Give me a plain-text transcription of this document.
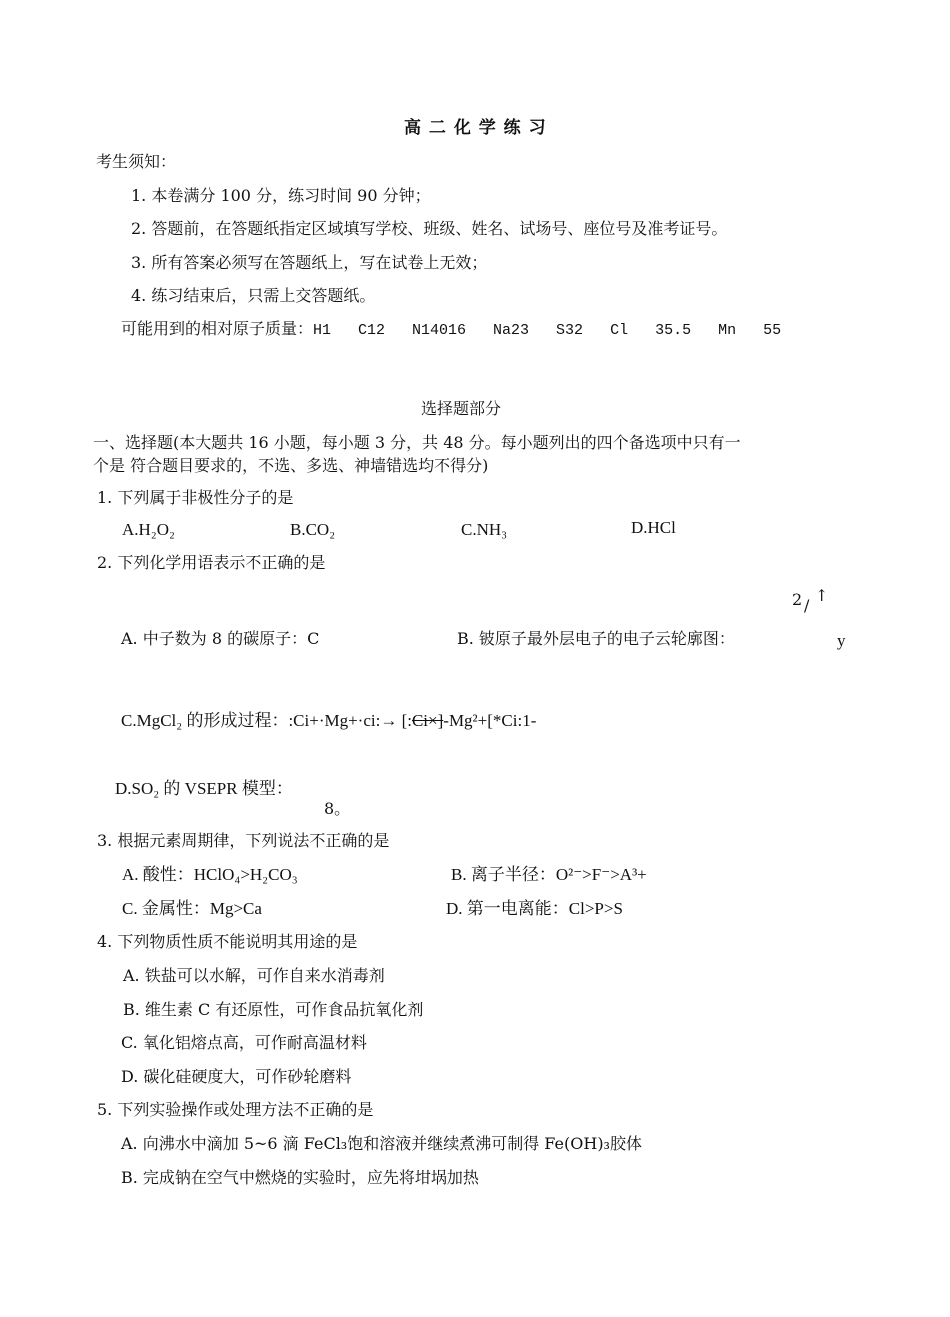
高 二 化 学 练 习
考生须知：
1. 本卷满分 100 分，练习时间 90 分钟；
2. 答题前，在答题纸指定区域填写学校、班级、姓名、试场号、座位号及准考证号。
3. 所有答案必须写在答题纸上，写在试卷上无效；
4. 练习结束后，只需上交答题纸。
可能用到的相对原子质量：H1   C12   N14016   Na23   S32   Cl   35.5   Mn   55
选择题部分
一、选择题(本大题共 16 小题，每小题 3 分，共 48 分。每小题列出的四个备选项中只有一
个是 符合题目要求的，不选、多选、神墙错选均不得分)
1. 下列属于非极性分子的是
A.H₂O₂	B.CO₂	C.NH₃	D.HCl
2. 下列化学用语表示不正确的是
2 /
↑
A. 中子数为 8 的碳原子：C	B. 铍原子最外层电子的电子云轮廓图：	y
C.MgCl₂ 的形成过程：:Ci+·Mg+·ci:→ [:Ci×]-Mg²+[*Ci:1-
D.SO₂ 的 VSEPR 模型：
8。
3. 根据元素周期律，下列说法不正确的是
A. 酸性：HClO₄>H₂CO₃	B. 离子半径：O²⁻>F⁻>A³+
C. 金属性：Mg>Ca	D. 第一电离能：Cl>P>S
4. 下列物质性质不能说明其用途的是
A. 铁盐可以水解，可作自来水消毒剂
B. 维生素 C 有还原性，可作食品抗氧化剂
C. 氧化铝熔点高，可作耐高温材料
D. 碳化硅硬度大，可作砂轮磨料
5. 下列实验操作或处理方法不正确的是
A. 向沸水中滴加 5~6 滴 FeCl₃饱和溶液并继续煮沸可制得 Fe(OH)₃胶体
B. 完成钠在空气中燃烧的实验时，应先将坩埚加热
